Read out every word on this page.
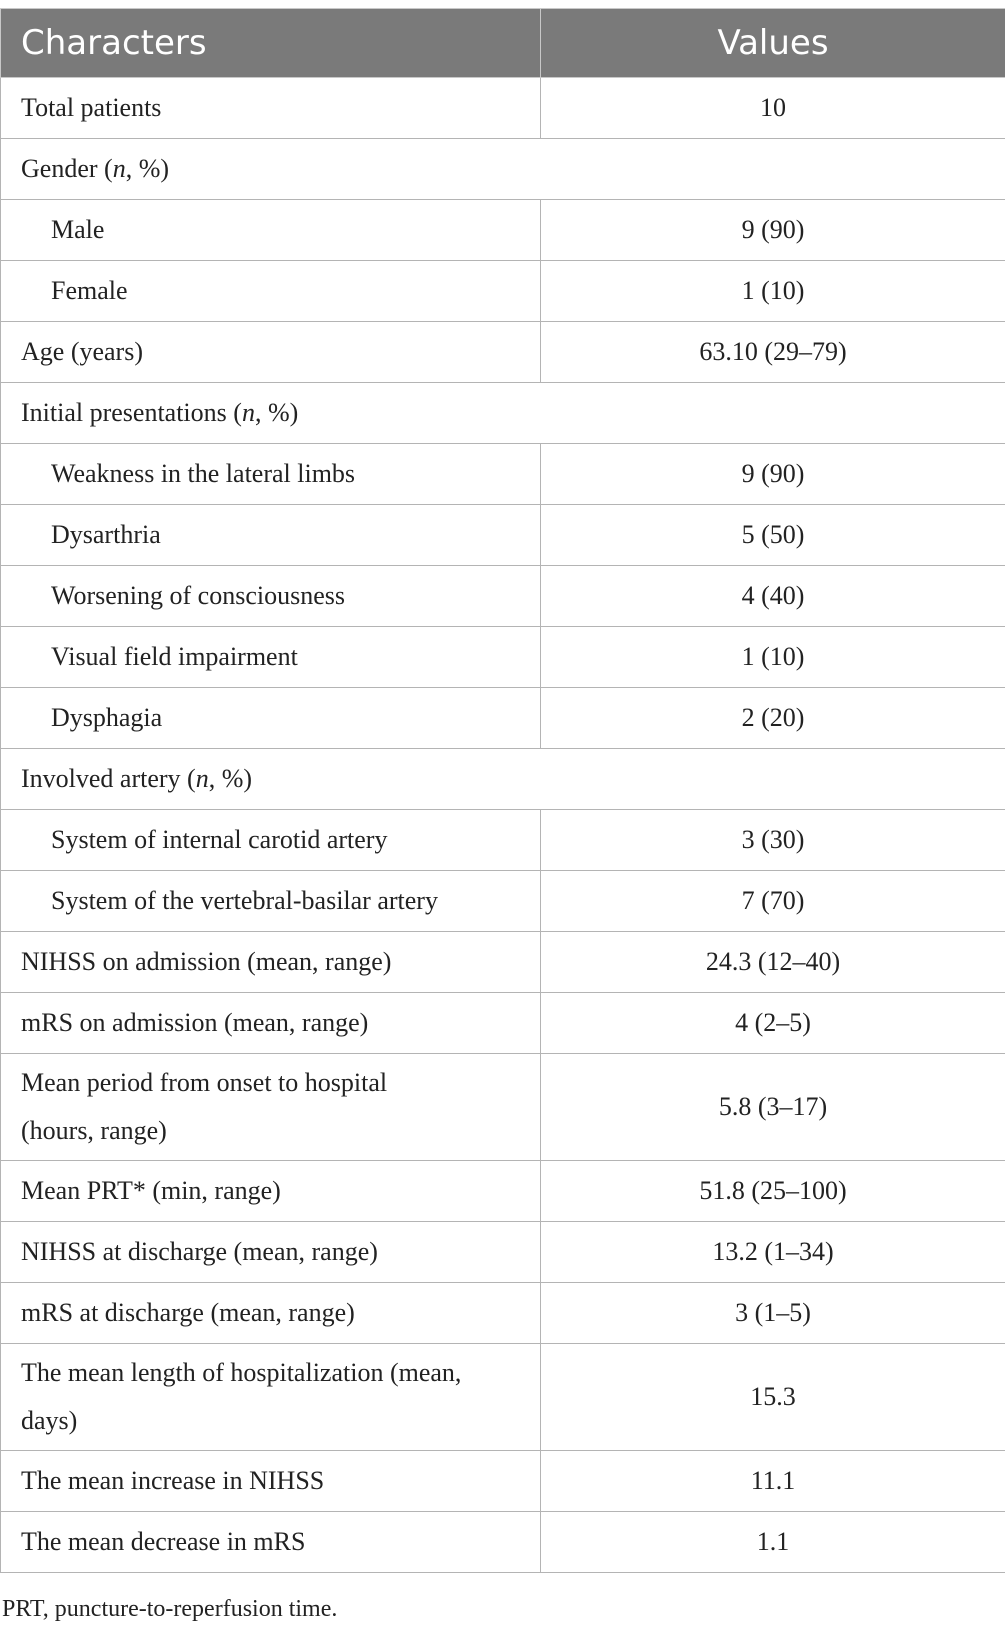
Characters	Values
Total patients	10
Gender (n, %)	
Male	9 (90)
Female	1 (10)
Age (years)	63.10 (29–79)
Initial presentations (n, %)	
Weakness in the lateral limbs	9 (90)
Dysarthria	5 (50)
Worsening of consciousness	4 (40)
Visual field impairment	1 (10)
Dysphagia	2 (20)
Involved artery (n, %)	
System of internal carotid artery	3 (30)
System of the vertebral-basilar artery	7 (70)
NIHSS on admission (mean, range)	24.3 (12–40)
mRS on admission (mean, range)	4 (2–5)
Mean period from onset to hospital
(hours, range)	5.8 (3–17)
Mean PRT* (min, range)	51.8 (25–100)
NIHSS at discharge (mean, range)	13.2 (1–34)
mRS at discharge (mean, range)	3 (1–5)
The mean length of hospitalization (mean,
days)	15.3
The mean increase in NIHSS	11.1
The mean decrease in mRS	1.1
PRT, puncture-to-reperfusion time.
